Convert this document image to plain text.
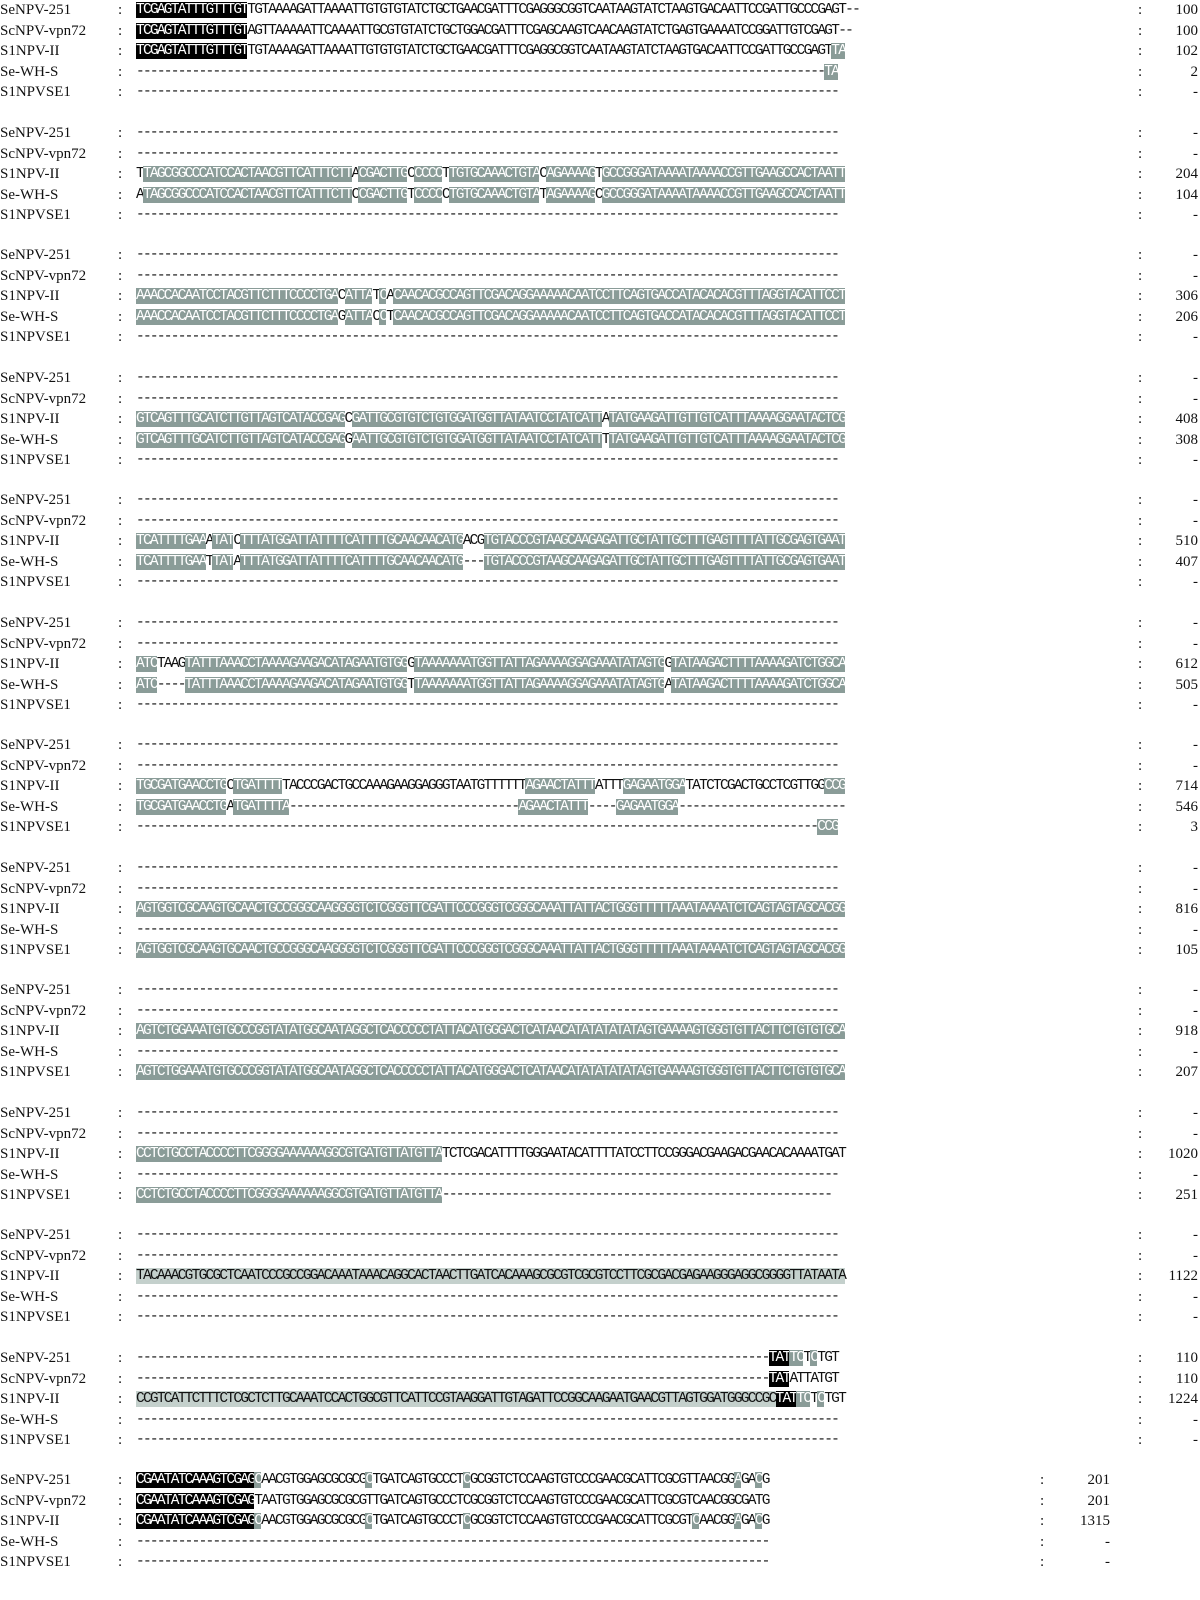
SeNPV-251	: TCGAGTATTTGTTTGTTGTAAAAGATTAAAATTGTGTGTATCTGCTGAACGATTTCGAGGGCGGTCAATAAGTATCTAAGTGACAATTCCGATTGCCCGAGT--	:	100
ScNPV-vpn72 : TCGAGTATTTGTTTGTAGTTAAAAATTCAAAATTGCGTGTATCTGCTGGACGATTTCGAGCAAGTCAACAAGTATCTGAGTGAAAATCCGGATTGTCGAGT--	:	100
S1NPV-II	: TCGAGTATTTGTTTGTTGTAAAAGATTAAAATTGTGTGTATCTGCTGAACGATTTCGAGGCGGTCAATAAGTATCTAAGTGACAATTCCGATTGCCGAGTTA	:	102
Se-WH-S	: ---------------------------------------------------------------------------------------------------TA	:	2
S1NPVSE1	: -----------------------------------------------------------------------------------------------------	:	-
SeNPV-251	: -----------------------------------------------------------------------------------------------------	:	-
ScNPV-vpn72 : -----------------------------------------------------------------------------------------------------	:	-
S1NPV-II	: TTAGCGGCCCATCCACTAACGTTCATTTCTTACGACTTGCCCCCTTGTGCAAACTGTACAGAAAAGTGCCGGGATAAAATAAAACCGTTGAAGCCACTAATT	:	204
Se-WH-S	: ATAGCGGCCCATCCACTAACGTTCATTTCTTCCGACTTGTCCCCCTGTGCAAACTGTATAGAAAAGCGCCGGGATAAAATAAAACCGTTGAAGCCACTAATT	:	104
S1NPVSE1	: -----------------------------------------------------------------------------------------------------	:	-
SeNPV-251	: -----------------------------------------------------------------------------------------------------	:	-
ScNPV-vpn72 : -----------------------------------------------------------------------------------------------------	:	-
S1NPV-II	: AAACCACAATCCTACGTTCTTTCCCCTGACATTATCACAACACGCCAGTTCGACAGGAAAAACAATCCTTCAGTGACCATACACACGTTTAGGTACATTCCT	:	306
Se-WH-S	: AAACCACAATCCTACGTTCTTTCCCCTGAGATTACCTCAACACGCCAGTTCGACAGGAAAAACAATCCTTCAGTGACCATACACACGTTTAGGTACATTCCT	:	206
S1NPVSE1	: -----------------------------------------------------------------------------------------------------	:	-
SeNPV-251	: -----------------------------------------------------------------------------------------------------	:	-
ScNPV-vpn72 : -----------------------------------------------------------------------------------------------------	:	-
S1NPV-II	: GTCAGTTTGCATCTTGTTAGTCATACCGAGCGATTGCGTGTCTGTGGATGGTTATAATCCTATCATTATATGAAGATTGTTGTCATTTAAAAGGAATACTCG	:	408
Se-WH-S	: GTCAGTTTGCATCTTGTTAGTCATACCGAGGAATTGCGTGTCTGTGGATGGTTATAATCCTATCATTTTATGAAGATTGTTGTCATTTAAAAGGAATACTCG	:	308
S1NPVSE1	: -----------------------------------------------------------------------------------------------------	:	-
SeNPV-251	: -----------------------------------------------------------------------------------------------------	:	-
ScNPV-vpn72 : -----------------------------------------------------------------------------------------------------	:	-
S1NPV-II	: TCATTTTGAAATATCTTTATGGATTATTTTCATTTTGCAACAACATGACGTGTACCCGTAAGCAAGAGATTGCTATTGCTTTGAGTTTTATTGCGAGTGAAT	:	510
Se-WH-S	: TCATTTTGAATTATATTTATGGATTATTTTCATTTTGCAACAACATG---TGTACCCGTAAGCAAGAGATTGCTATTGCTTTGAGTTTTATTGCGAGTGAAT	:	407
S1NPVSE1	: -----------------------------------------------------------------------------------------------------	:	-
SeNPV-251	: -----------------------------------------------------------------------------------------------------	:	-
ScNPV-vpn72 : -----------------------------------------------------------------------------------------------------	:	-
S1NPV-II	: ATCTAAGTATTTAAACCTAAAAGAAGACATAGAATGTGGGTAAAAAAATGGTTATTAGAAAAGGAGAAATATAGTGGTATAAGACTTTTAAAAGATCTGGCA	:	612
Se-WH-S	: ATC----TATTTAAACCTAAAAGAAGACATAGAATGTGGTTAAAAAAATGGTTATTAGAAAAGGAGAAATATAGTGATATAAGACTTTTAAAAGATCTGGCA	:	505
S1NPVSE1	: -----------------------------------------------------------------------------------------------------	:	-
SeNPV-251	: -----------------------------------------------------------------------------------------------------	:	-
ScNPV-vpn72 : -----------------------------------------------------------------------------------------------------	:	-
S1NPV-II	: TGCGATGAACCTGCTGATTTTTACCCGACTGCCAAAGAAGGAGGGTAATGTTTTTTAGAACTATTTATTTGAGAATGGATATCTCGACTGCCTCGTTGGCCG	:	714
Se-WH-S	: TGCGATGAACCTGATGATTTTA---------------------------------AGAACTATTT----GAGAATGGA------------------------	:	546
S1NPVSE1	: --------------------------------------------------------------------------------------------------CCG	:	3
SeNPV-251	: -----------------------------------------------------------------------------------------------------	:	-
ScNPV-vpn72 : -----------------------------------------------------------------------------------------------------	:	-
S1NPV-II	: AGTGGTCGCAAGTGCAACTGCCGGGCAAGGGGTCTCGGGTTCGATTCCCGGGTCGGGCAAATTATTACTGGGTTTTTAAATAAAATCTCAGTAGTAGCACGG	:	816
Se-WH-S	: -----------------------------------------------------------------------------------------------------	:	-
S1NPVSE1	: AGTGGTCGCAAGTGCAACTGCCGGGCAAGGGGTCTCGGGTTCGATTCCCGGGTCGGGCAAATTATTACTGGGTTTTTAAATAAAATCTCAGTAGTAGCACGG	:	105
SeNPV-251	: -----------------------------------------------------------------------------------------------------	:	-
ScNPV-vpn72 : -----------------------------------------------------------------------------------------------------	:	-
S1NPV-II	: AGTCTGGAAATGTGCCCGGTATATGGCAATAGGCTCACCCCCTATTACATGGGACTCATAACATATATATATAGTGAAAAGTGGGTGTTACTTCTGTGTGCA	:	918
Se-WH-S	: -----------------------------------------------------------------------------------------------------	:	-
S1NPVSE1	: AGTCTGGAAATGTGCCCGGTATATGGCAATAGGCTCACCCCCTATTACATGGGACTCATAACATATATATATAGTGAAAAGTGGGTGTTACTTCTGTGTGCA	:	207
SeNPV-251	: -----------------------------------------------------------------------------------------------------	:	-
ScNPV-vpn72 : -----------------------------------------------------------------------------------------------------	:	-
S1NPV-II	: CCTCTGCCTACCCCTTCGGGGAAAAAAGGCGTGATGTTATGTTATCTCGACATTTTGGGAATACATTTTATCCTTCCGGGACGAAGACGAACACAAAATGAT	:	1020
Se-WH-S	: -----------------------------------------------------------------------------------------------------	:	-
S1NPVSE1	: CCTCTGCCTACCCCTTCGGGGAAAAAAGGCGTGATGTTATGTTA--------------------------------------------------------	:	251
SeNPV-251	: -----------------------------------------------------------------------------------------------------	:	-
ScNPV-vpn72 : -----------------------------------------------------------------------------------------------------	:	-
S1NPV-II	: TACAAACGTGCGCTCAATCCCGCCGGACAAATAAACAGGCACTAACTTGATCACAAAGCGCGTCGCGTCCTTCGCGACGAGAAGGGAGGCGGGGTTATAATA	:	1122
Se-WH-S	: -----------------------------------------------------------------------------------------------------	:	-
S1NPVSE1	: -----------------------------------------------------------------------------------------------------	:	-
SeNPV-251	: -------------------------------------------------------------------------------------------TATTCTCTGT	:	110
ScNPV-vpn72 : -------------------------------------------------------------------------------------------TATATTATGT	:	110
S1NPV-II	: CCGTCATTCTTTCTCGCTCTTGCAAATCCACTGGCGTTCATTCCGTAAGGATTGTAGATTCCGGCAAGAATGAACGTTAGTGGATGGGCCGCTATTCTCTGT	:	1224
Se-WH-S	: -----------------------------------------------------------------------------------------------------	:	-
S1NPVSE1	: -----------------------------------------------------------------------------------------------------	:	-
SeNPV-251	: CGAATATCAAAGTCGAGCAACGTGGAGCGCGCGCTGATCAGTGCCCTCGCGGTCTCCAAGTGTCCCGAACGCATTCGCGTTAACGGAGACG	:	201
ScNPV-vpn72 : CGAATATCAAAGTCGAGTAATGTGGAGCGCGCGTTGATCAGTGCCCTCGCGGTCTCCAAGTGTCCCGAACGCATTCGCGTCAACGGCGATG	:	201
S1NPV-II	: CGAATATCAAAGTCGAGCAACGTGGAGCGCGCGCTGATCAGTGCCCTCGCGGTCTCCAAGTGTCCCGAACGCATTCGCGTCAACGGAGACG	:	1315
Se-WH-S	: -------------------------------------------------------------------------------------------	:	-
S1NPVSE1	: -------------------------------------------------------------------------------------------	:	-
